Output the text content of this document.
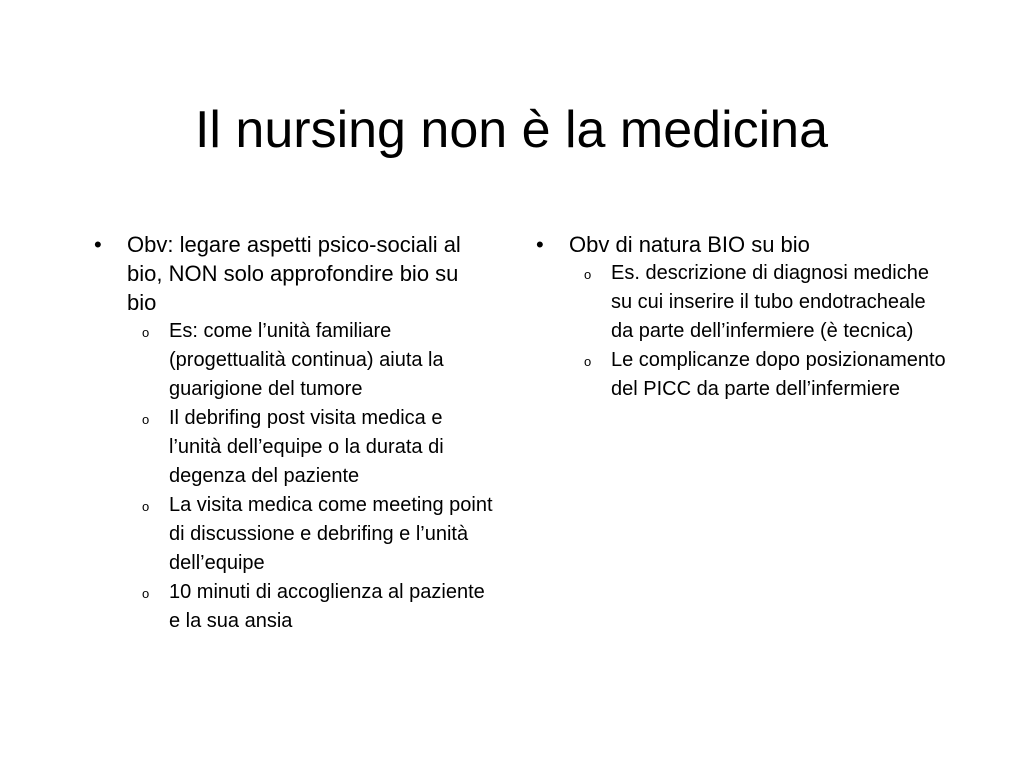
Il nursing non è la medicina
• Obv: legare aspetti psico-sociali al bio, NON solo approfondire bio su bio
o Es: come l’unità familiare (progettualità continua) aiuta la guarigione del tumore
o Il debrifing post visita medica e l’unità dell’equipe o la durata di degenza del paziente
o La visita medica come meeting point di discussione e debrifing e l’unità dell’equipe
o 10 minuti di accoglienza al paziente e la sua ansia
• Obv di natura BIO su bio
o Es. descrizione di diagnosi mediche su cui inserire il tubo endotracheale da parte dell’infermiere (è tecnica)
o Le complicanze dopo posizionamento del PICC da parte dell’infermiere
